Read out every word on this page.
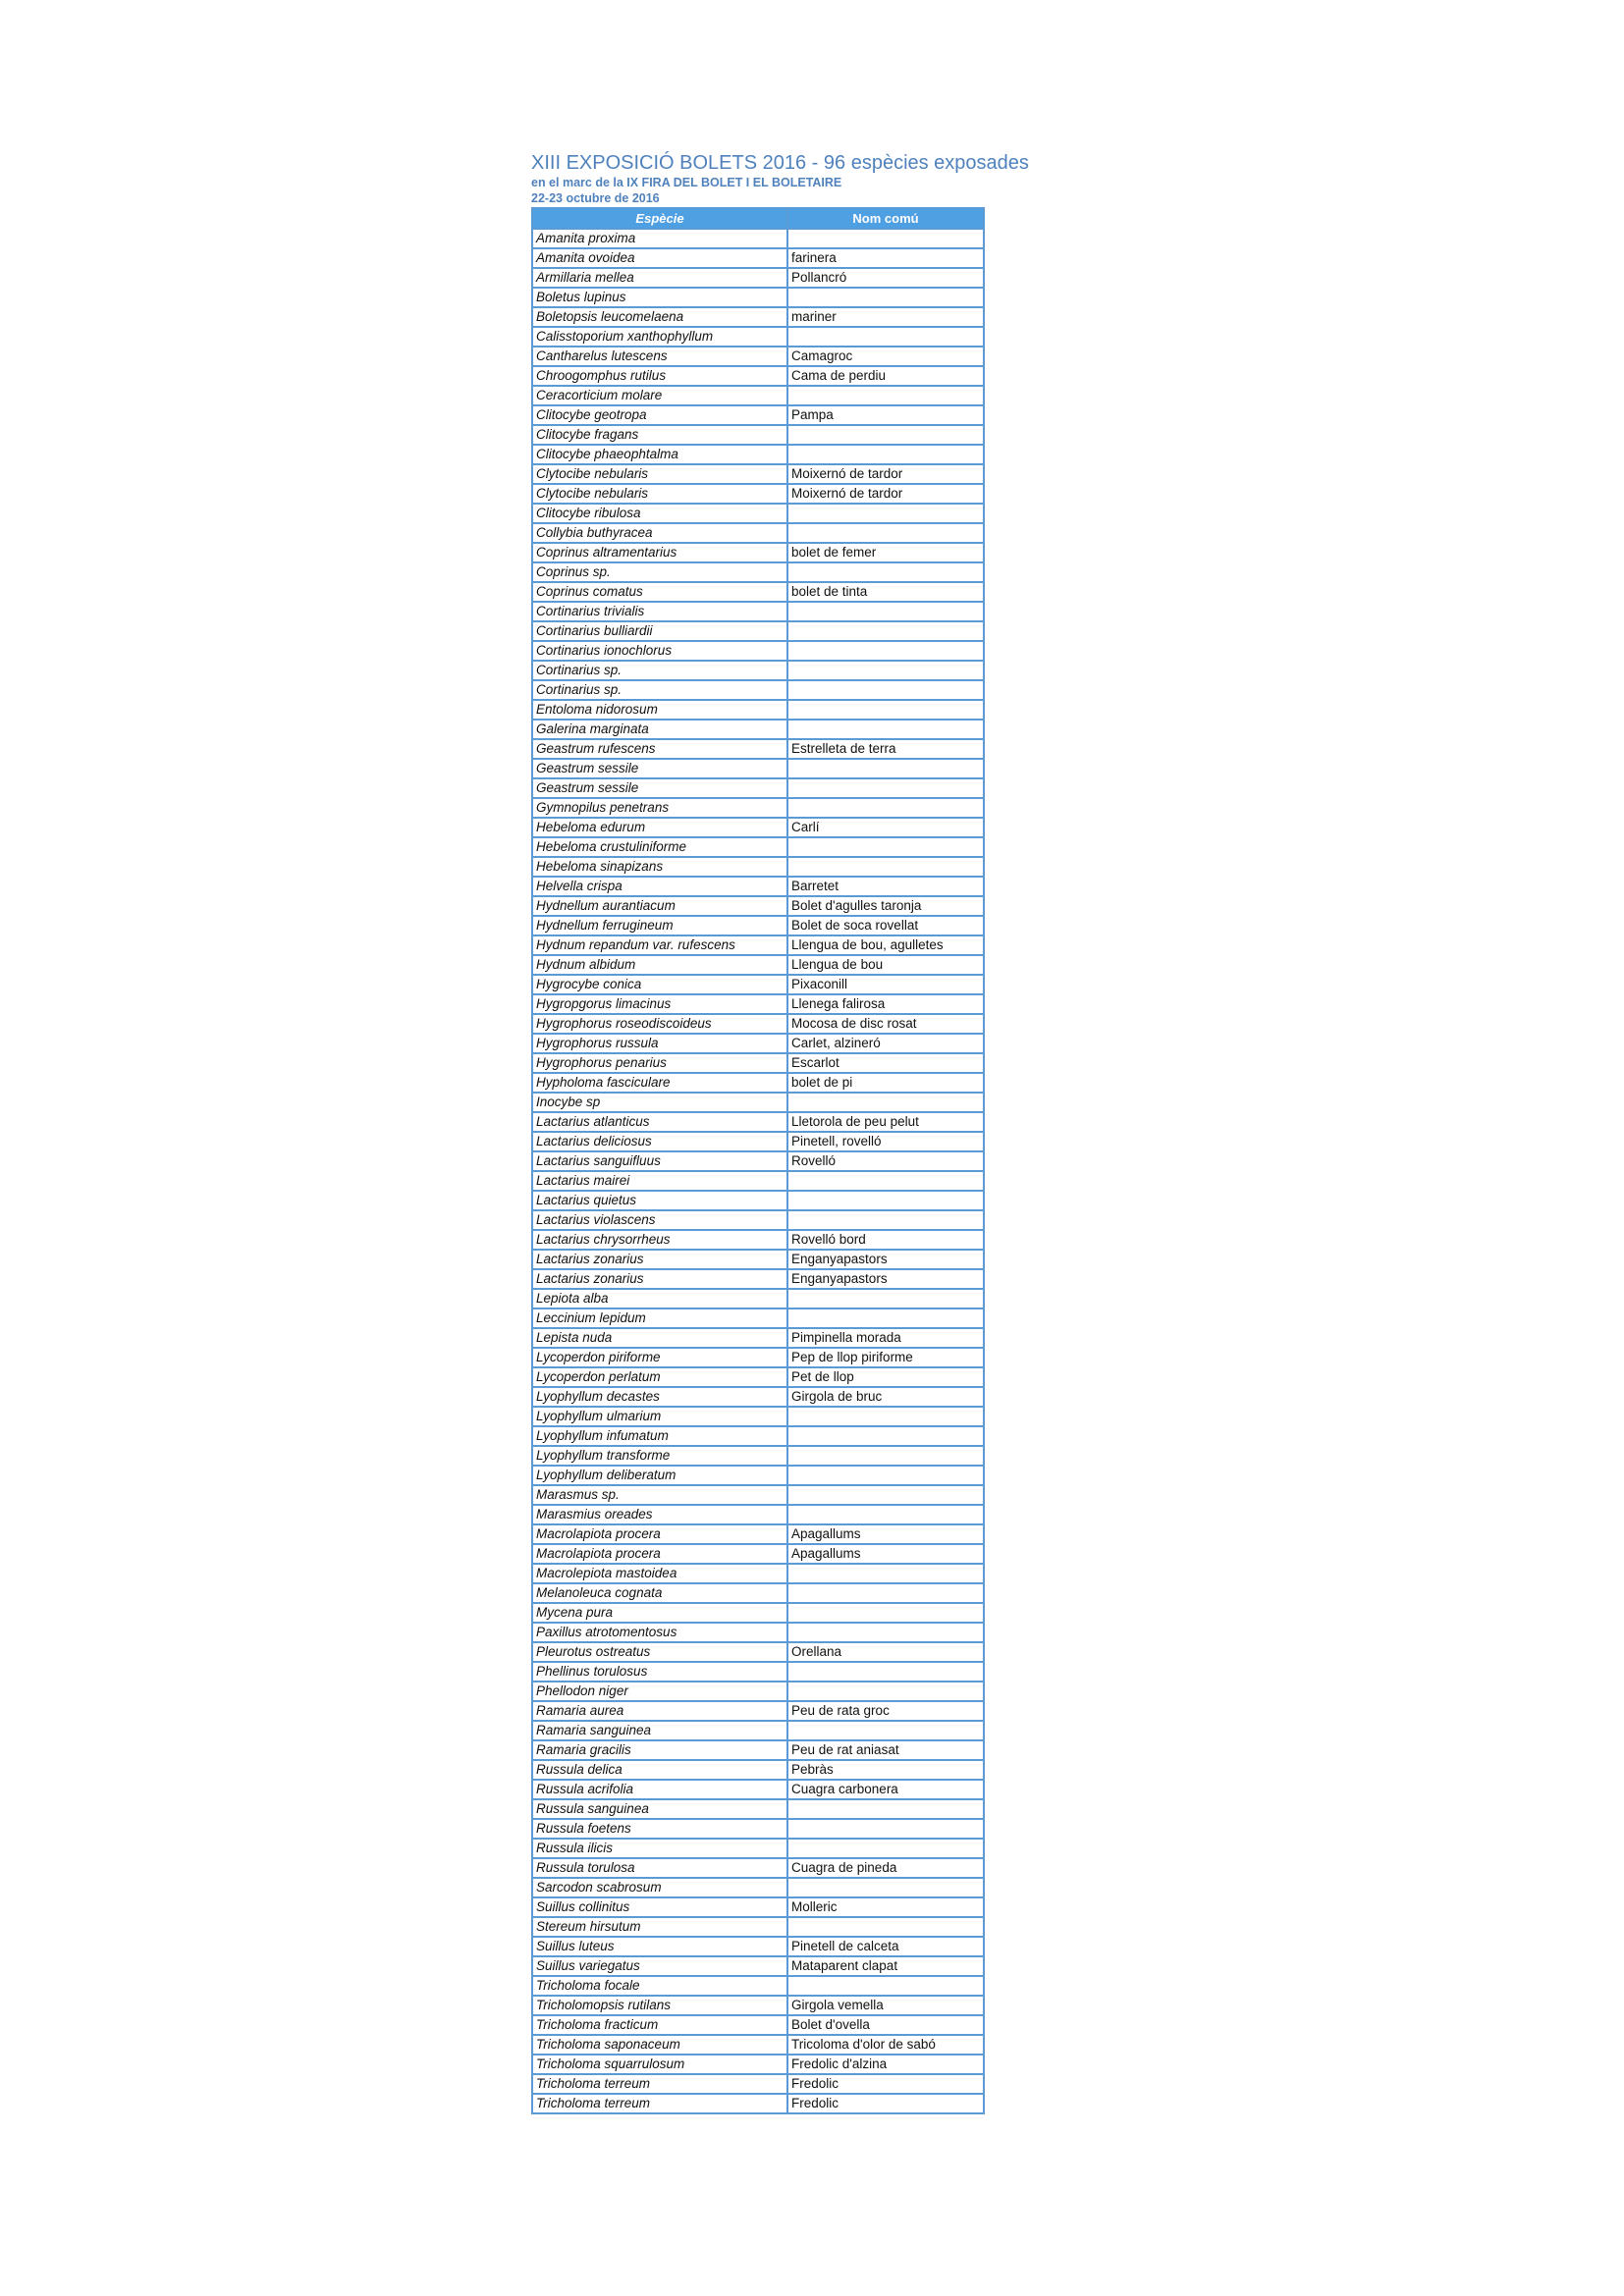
XIII EXPOSICIÓ BOLETS 2016 - 96 espècies exposades
en el marc de la IX FIRA DEL BOLET I EL BOLETAIRE
22-23 octubre de 2016
Espècie	Nom comú
Amanita proxima	
Amanita ovoidea	farinera
Armillaria mellea	Pollancró
Boletus lupinus	
Boletopsis leucomelaena	mariner
Calisstoporium xanthophyllum	
Cantharelus lutescens	Camagroc
Chroogomphus rutilus	Cama de perdiu
Ceracorticium molare	
Clitocybe geotropa	Pampa
Clitocybe fragans	
Clitocybe phaeophtalma	
Clytocibe nebularis	Moixernó de tardor
Clytocibe nebularis	Moixernó de tardor
Clitocybe ribulosa	
Collybia buthyracea	
Coprinus altramentarius	bolet de femer
Coprinus sp.	
Coprinus comatus	bolet de tinta
Cortinarius trivialis	
Cortinarius bulliardii	
Cortinarius ionochlorus	
Cortinarius sp.	
Cortinarius sp.	
Entoloma nidorosum	
Galerina marginata	
Geastrum rufescens	Estrelleta de terra
Geastrum sessile	
Geastrum sessile	
Gymnopilus penetrans	
Hebeloma edurum	Carlí
Hebeloma crustuliniforme	
Hebeloma sinapizans	
Helvella crispa	Barretet
Hydnellum aurantiacum	Bolet d'agulles taronja
Hydnellum ferrugineum	Bolet de soca rovellat
Hydnum repandum var. rufescens	Llengua de bou, agulletes
Hydnum albidum	Llengua de bou
Hygrocybe conica	Pixaconill
Hygropgorus limacinus	Llenega falirosa
Hygrophorus roseodiscoideus	Mocosa de disc rosat
Hygrophorus russula	Carlet, alzineró
Hygrophorus penarius	Escarlot
Hypholoma fasciculare	bolet de pi
Inocybe sp	
Lactarius atlanticus	Lletorola de peu pelut
Lactarius deliciosus	Pinetell, rovelló
Lactarius sanguifluus	Rovelló
Lactarius mairei	
Lactarius quietus	
Lactarius violascens	
Lactarius chrysorrheus	Rovelló bord
Lactarius zonarius	Enganyapastors
Lactarius zonarius	Enganyapastors
Lepiota alba	
Leccinium lepidum	
Lepista nuda	Pimpinella morada
Lycoperdon piriforme	Pep de llop piriforme
Lycoperdon perlatum	Pet de llop
Lyophyllum decastes	Girgola de bruc
Lyophyllum ulmarium	
Lyophyllum infumatum	
Lyophyllum transforme	
Lyophyllum deliberatum	
Marasmus sp.	
Marasmius oreades	
Macrolapiota procera	Apagallums
Macrolapiota procera	Apagallums
Macrolepiota mastoidea	
Melanoleuca cognata	
Mycena pura	
Paxillus atrotomentosus	
Pleurotus ostreatus	Orellana
Phellinus torulosus	
Phellodon niger	
Ramaria aurea	Peu de rata groc
Ramaria sanguinea	
Ramaria gracilis	Peu de rat aniasat
Russula delica	Pebràs
Russula acrifolia	Cuagra carbonera
Russula sanguinea	
Russula foetens	
Russula ilicis	
Russula torulosa	Cuagra de pineda
Sarcodon scabrosum	
Suillus collinitus	Molleric
Stereum hirsutum	
Suillus luteus	Pinetell de calceta
Suillus variegatus	Mataparent clapat
Tricholoma focale	
Tricholomopsis rutilans	Girgola vemella
Tricholoma fracticum	Bolet d'ovella
Tricholoma saponaceum	Tricoloma d'olor de sabó
Tricholoma squarrulosum	Fredolic d'alzina
Tricholoma terreum	Fredolic
Tricholoma terreum	Fredolic
